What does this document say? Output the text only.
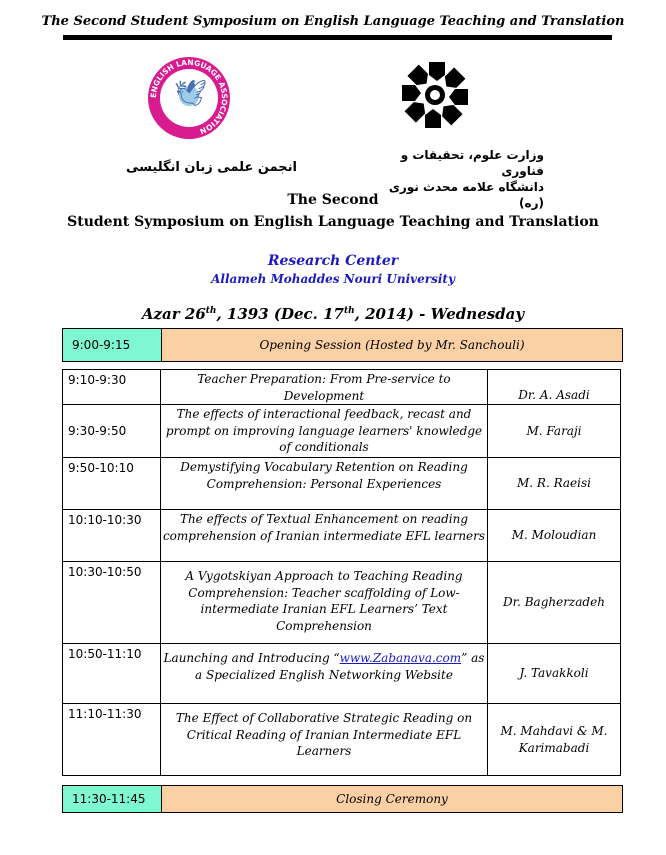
The Second Student Symposium on English Language Teaching and Translation
ENGLISH LANGUAGE ASSOCIATION
🕊
انجمن علمی زبان انگلیسی
وزارت علوم، تحقیقات و فناوری
دانشگاه علامه محدث نوری (ره)
The Second
Student Symposium on English Language Teaching and Translation
Research Center
Allameh Mohaddes Nouri University
Azar 26th, 1393 (Dec. 17th, 2014) - Wednesday
9:00-9:15	Opening Session (Hosted by Mr. Sanchouli)
9:10-9:30	Teacher Preparation: From Pre-service to Development	Dr. A. Asadi
9:30-9:50	The effects of interactional feedback, recast and prompt on improving language learners' knowledge of conditionals	M. Faraji
9:50-10:10	Demystifying Vocabulary Retention on Reading Comprehension: Personal Experiences	M. R. Raeisi
10:10-10:30	The effects of Textual Enhancement on reading comprehension of Iranian intermediate EFL learners	M. Moloudian
10:30-10:50	A Vygotskiyan Approach to Teaching Reading Comprehension: Teacher scaffolding of Low-intermediate Iranian EFL Learners’ Text Comprehension	Dr. Bagherzadeh
10:50-11:10	Launching and Introducing “www.Zabanava.com” as a Specialized English Networking Website	J. Tavakkoli
11:10-11:30	The Effect of Collaborative Strategic Reading on Critical Reading of Iranian Intermediate EFL Learners	M. Mahdavi & M. Karimabadi
11:30-11:45	Closing Ceremony
